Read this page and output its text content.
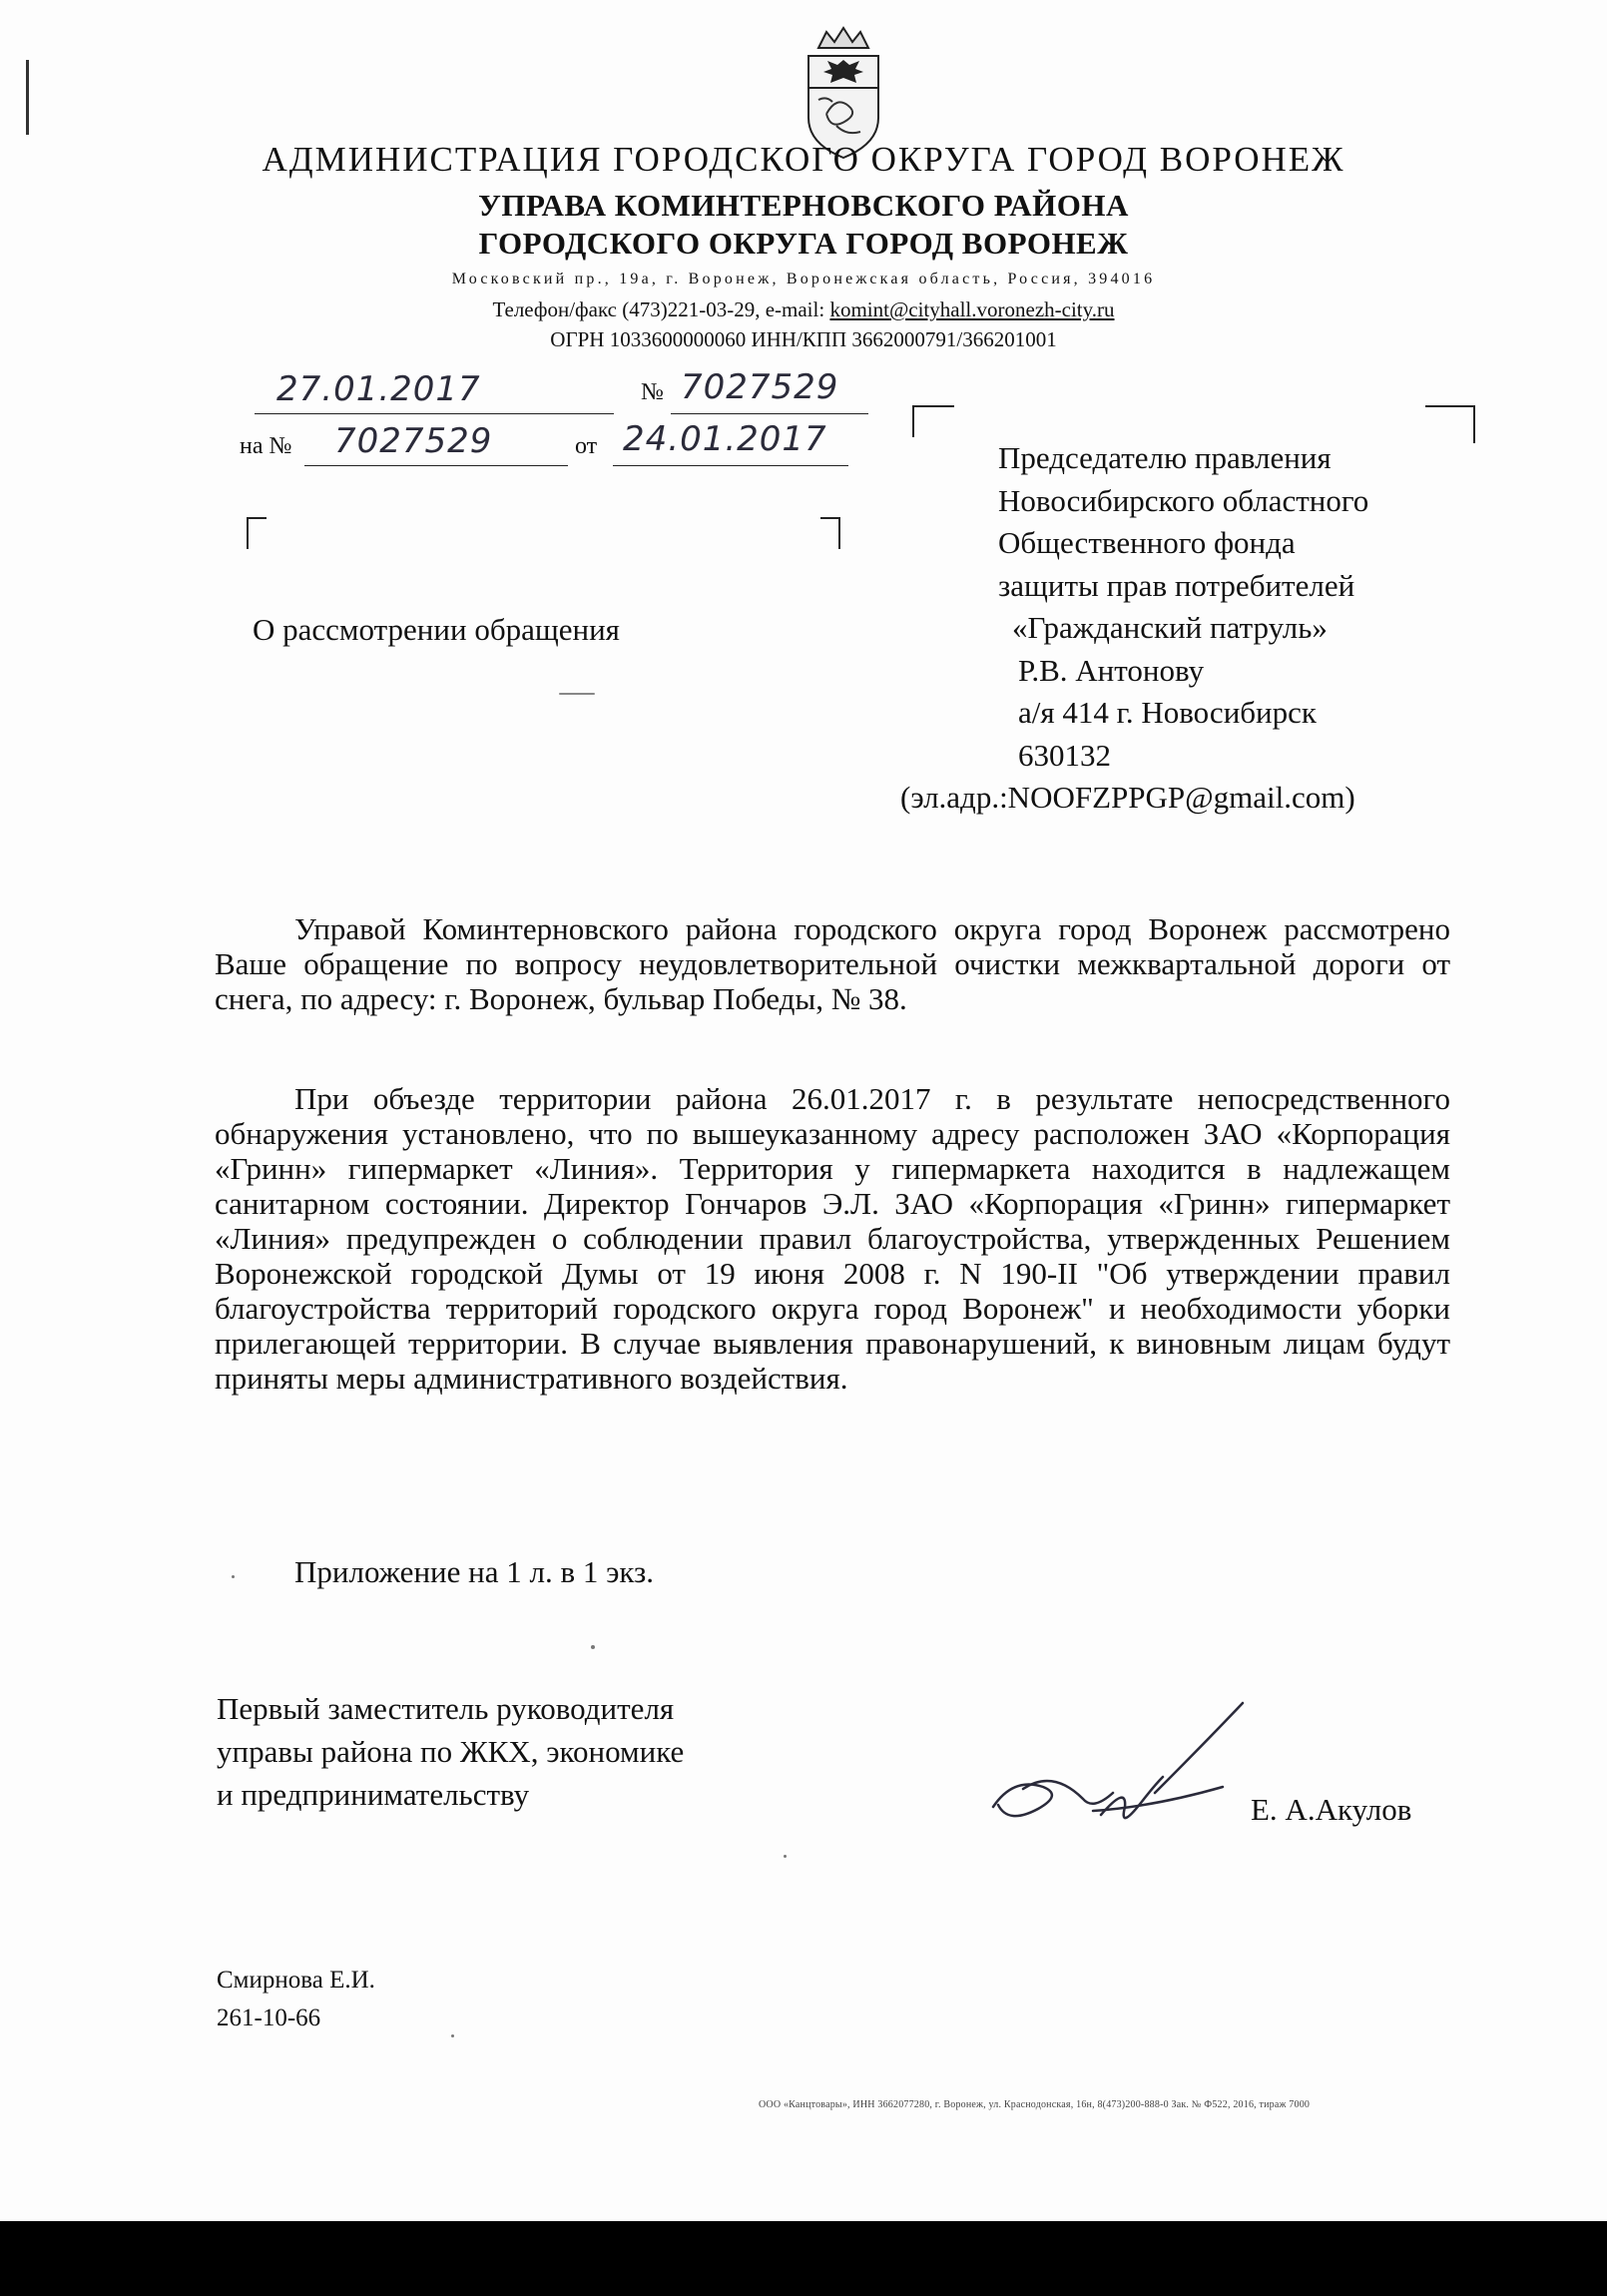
АДМИНИСТРАЦИЯ ГОРОДСКОГО ОКРУГА ГОРОД ВОРОНЕЖ
УПРАВА КОМИНТЕРНОВСКОГО РАЙОНА
ГОРОДСКОГО ОКРУГА ГОРОД ВОРОНЕЖ
Московский пр., 19а, г. Воронеж, Воронежская область, Россия, 394016
Телефон/факс (473)221-03-29, e-mail: komint@cityhall.voronezh-city.ru
ОГРН 1033600000060 ИНН/КПП 3662000791/366201001
27.01.2017	№ 7027529
на № 7027529	от 24.01.2017	Председателю правления
Новосибирского областного
Общественного фонда
защиты прав потребителей
«Гражданский патруль»
Р.В. Антонову
а/я 414 г. Новосибирск
630132
(эл.адр.:NOOFZPPGP@gmail.com)
О рассмотрении обращения

Управой Коминтерновского района городского округа город Воронеж рассмотрено Ваше обращение по вопросу неудовлетворительной очистки межквартальной дороги от снега, по адресу: г. Воронеж, бульвар Победы, № 38.

При объезде территории района 26.01.2017 г. в результате непосредственного обнаружения установлено, что по вышеуказанному адресу расположен ЗАО «Корпорация «Гринн» гипермаркет «Линия». Территория у гипермаркета находится в надлежащем санитарном состоянии. Директор Гончаров Э.Л. ЗАО «Корпорация «Гринн» гипермаркет «Линия» предупрежден о соблюдении правил благоустройства, утвержденных Решением Воронежской городской Думы от 19 июня 2008 г. N 190-II "Об утверждении правил благоустройства территорий городского округа город Воронеж" и необходимости уборки прилегающей территории. В случае выявления правонарушений, к виновным лицам будут приняты меры административного воздействия.

Приложение на 1 л. в 1 экз.

Первый заместитель руководителя
управы района по ЖКХ, экономике
и предпринимательству	Е. А.Акулов
Смирнова Е.И.
261-10-66
ООО «Канцтовары», ИНН 3662077280, г. Воронеж, ул. Краснодонская, 16н, 8(473)200-888-0 Зак. № Ф522, 2016, тираж 7000
